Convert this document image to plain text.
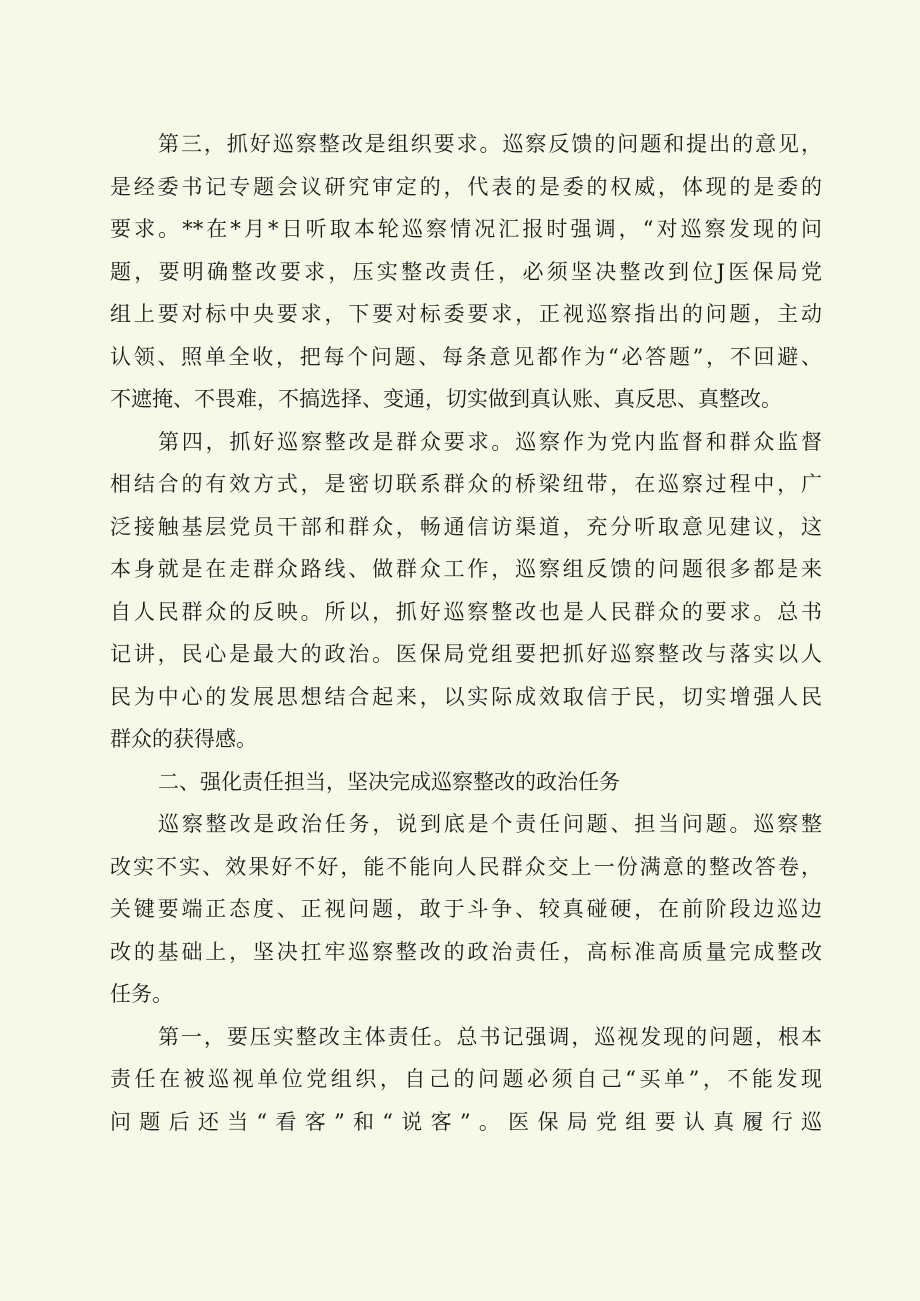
第三，抓好巡察整改是组织要求。巡察反馈的问题和提出的意见，
是经委书记专题会议研究审定的，代表的是委的权威，体现的是委的
要求。**在*月*日听取本轮巡察情况汇报时强调，“对巡察发现的问
题，要明确整改要求，压实整改责任，必须坚决整改到位J医保局党
组上要对标中央要求，下要对标委要求，正视巡察指出的问题，主动
认领、照单全收，把每个问题、每条意见都作为“必答题”，不回避、
不遮掩、不畏难，不搞选择、变通，切实做到真认账、真反思、真整改。
第四，抓好巡察整改是群众要求。巡察作为党内监督和群众监督
相结合的有效方式，是密切联系群众的桥梁纽带，在巡察过程中，广
泛接触基层党员干部和群众，畅通信访渠道，充分听取意见建议，这
本身就是在走群众路线、做群众工作，巡察组反馈的问题很多都是来
自人民群众的反映。所以，抓好巡察整改也是人民群众的要求。总书
记讲，民心是最大的政治。医保局党组要把抓好巡察整改与落实以人
民为中心的发展思想结合起来，以实际成效取信于民，切实增强人民
群众的获得感。
二、强化责任担当，坚决完成巡察整改的政治任务
巡察整改是政治任务，说到底是个责任问题、担当问题。巡察整
改实不实、效果好不好，能不能向人民群众交上一份满意的整改答卷，
关键要端正态度、正视问题，敢于斗争、较真碰硬，在前阶段边巡边
改的基础上，坚决扛牢巡察整改的政治责任，高标准高质量完成整改
任务。
第一，要压实整改主体责任。总书记强调，巡视发现的问题，根本
责任在被巡视单位党组织，自己的问题必须自己“买单”，不能发现
问题后还当“看客”和“说客”。医保局党组要认真履行巡
